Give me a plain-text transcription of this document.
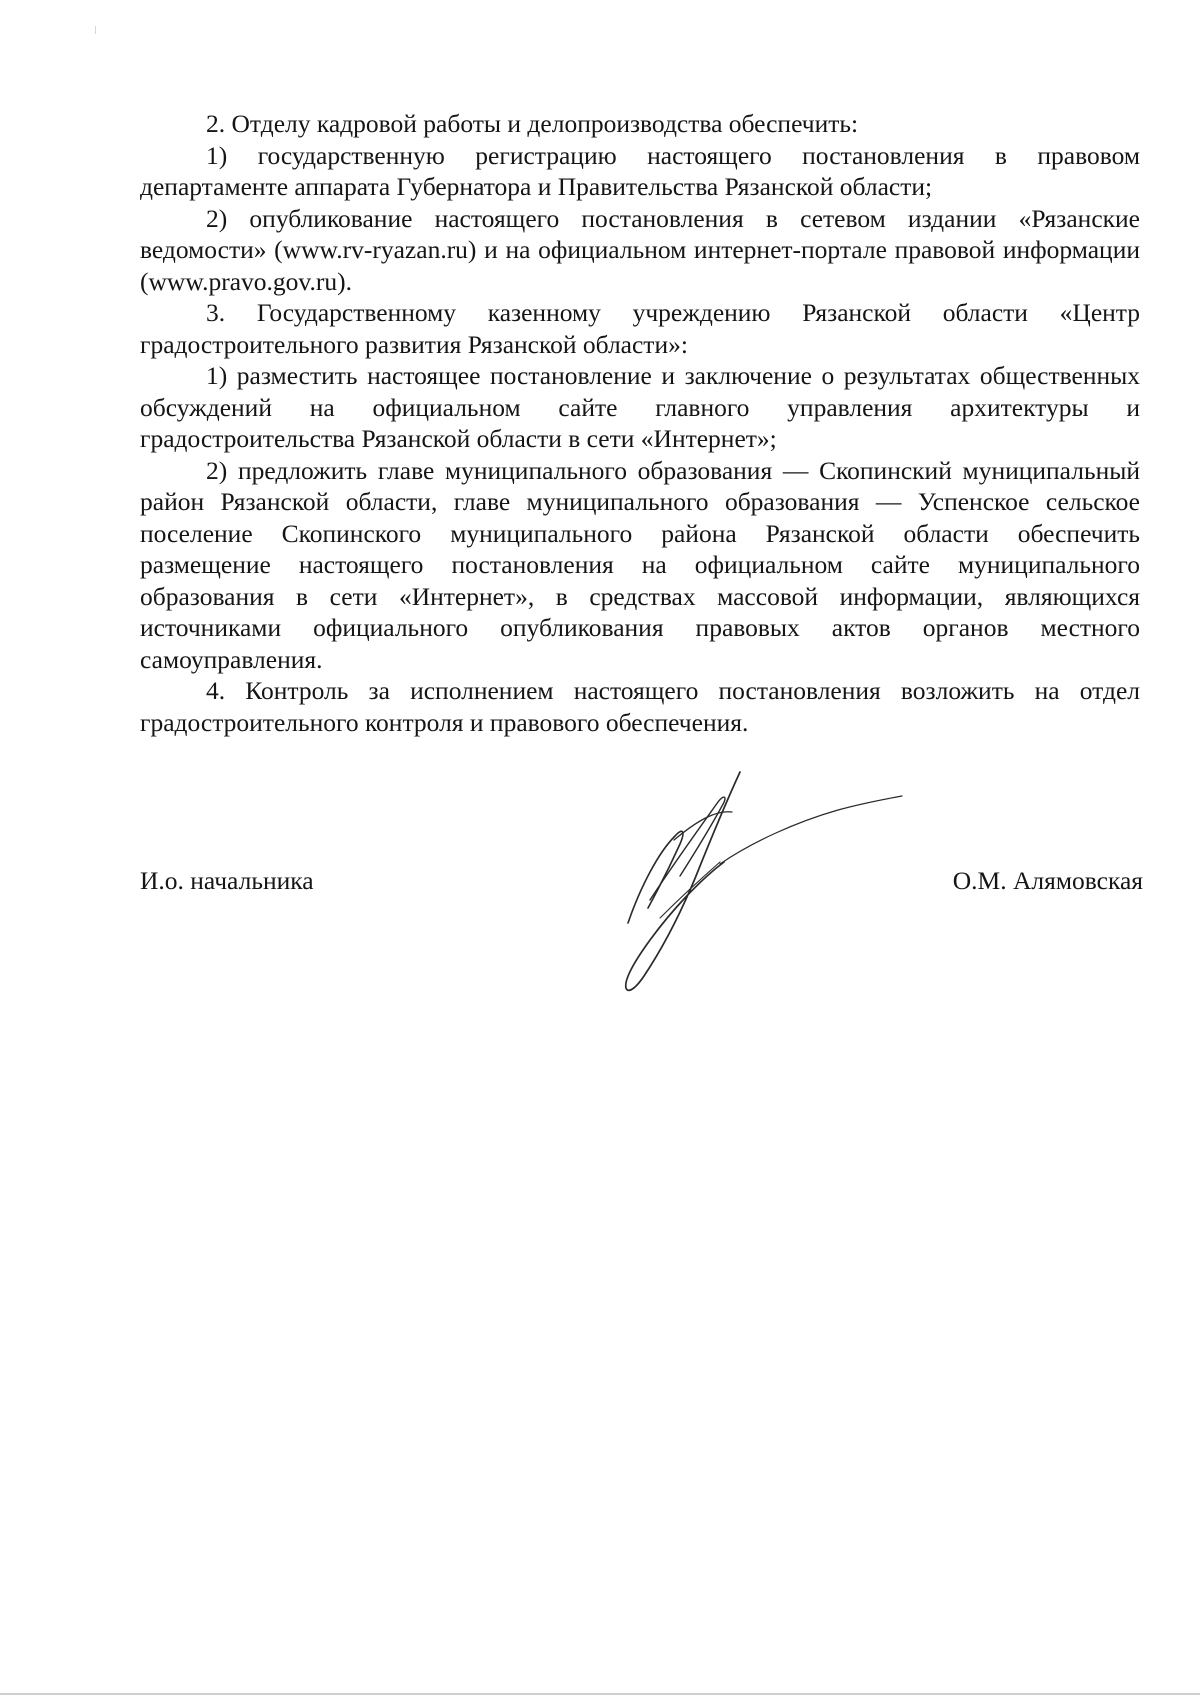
2. Отделу кадровой работы и делопроизводства обеспечить:

1) государственную регистрацию настоящего постановления в правовом департаменте аппарата Губернатора и Правительства Рязанской области;

2) опубликование настоящего постановления в сетевом издании «Рязанские ведомости» (www.rv-ryazan.ru) и на официальном интернет-портале правовой информации (www.pravo.gov.ru).

3. Государственному казенному учреждению Рязанской области «Центр градостроительного развития Рязанской области»:

1) разместить настоящее постановление и заключение о результатах общественных обсуждений на официальном сайте главного управления архитектуры и градостроительства Рязанской области в сети «Интернет»;

2) предложить главе муниципального образования — Скопинский муниципальный район Рязанской области, главе муниципального образования — Успенское сельское поселение Скопинского муниципального района Рязанской области обеспечить размещение настоящего постановления на официальном сайте муниципального образования в сети «Интернет», в средствах массовой информации, являющихся источниками официального опубликования правовых актов органов местного самоуправления.

4. Контроль за исполнением настоящего постановления возложить на отдел градостроительного контроля и правового обеспечения.

И.о. начальника	О.М. Алямовская
